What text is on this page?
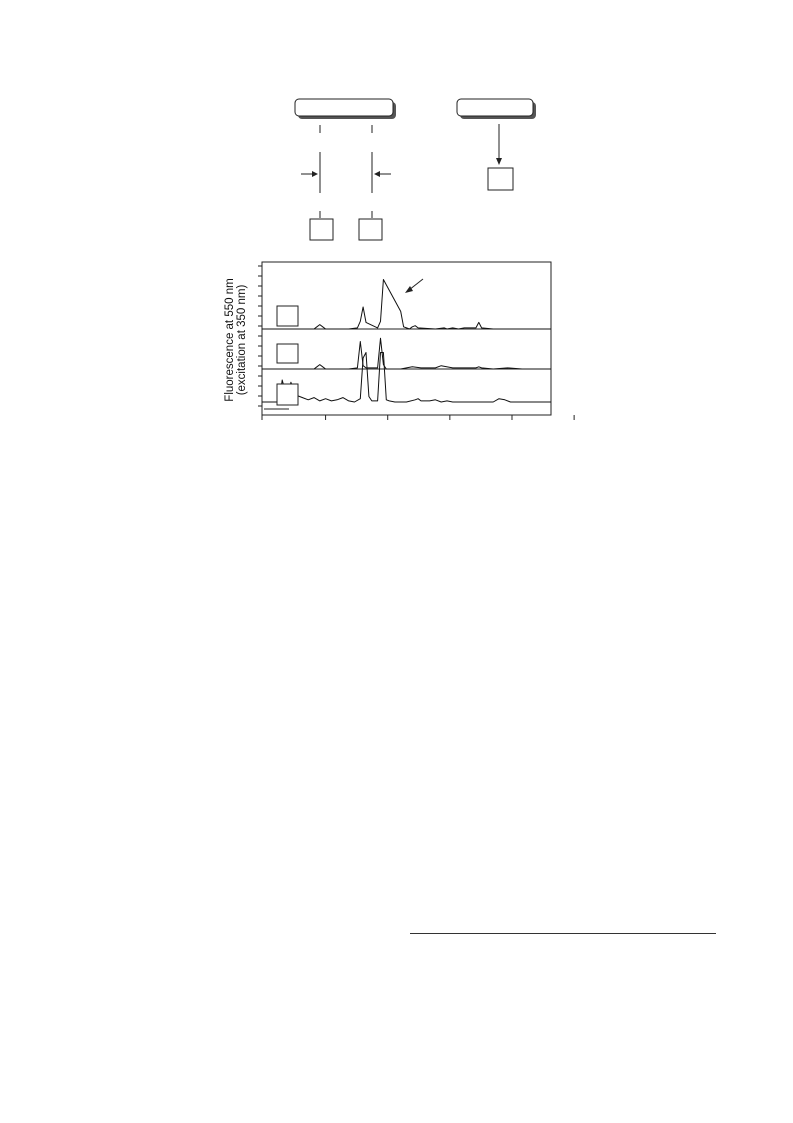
Fluorescence at 550 nm (excitation at 350 nm)
